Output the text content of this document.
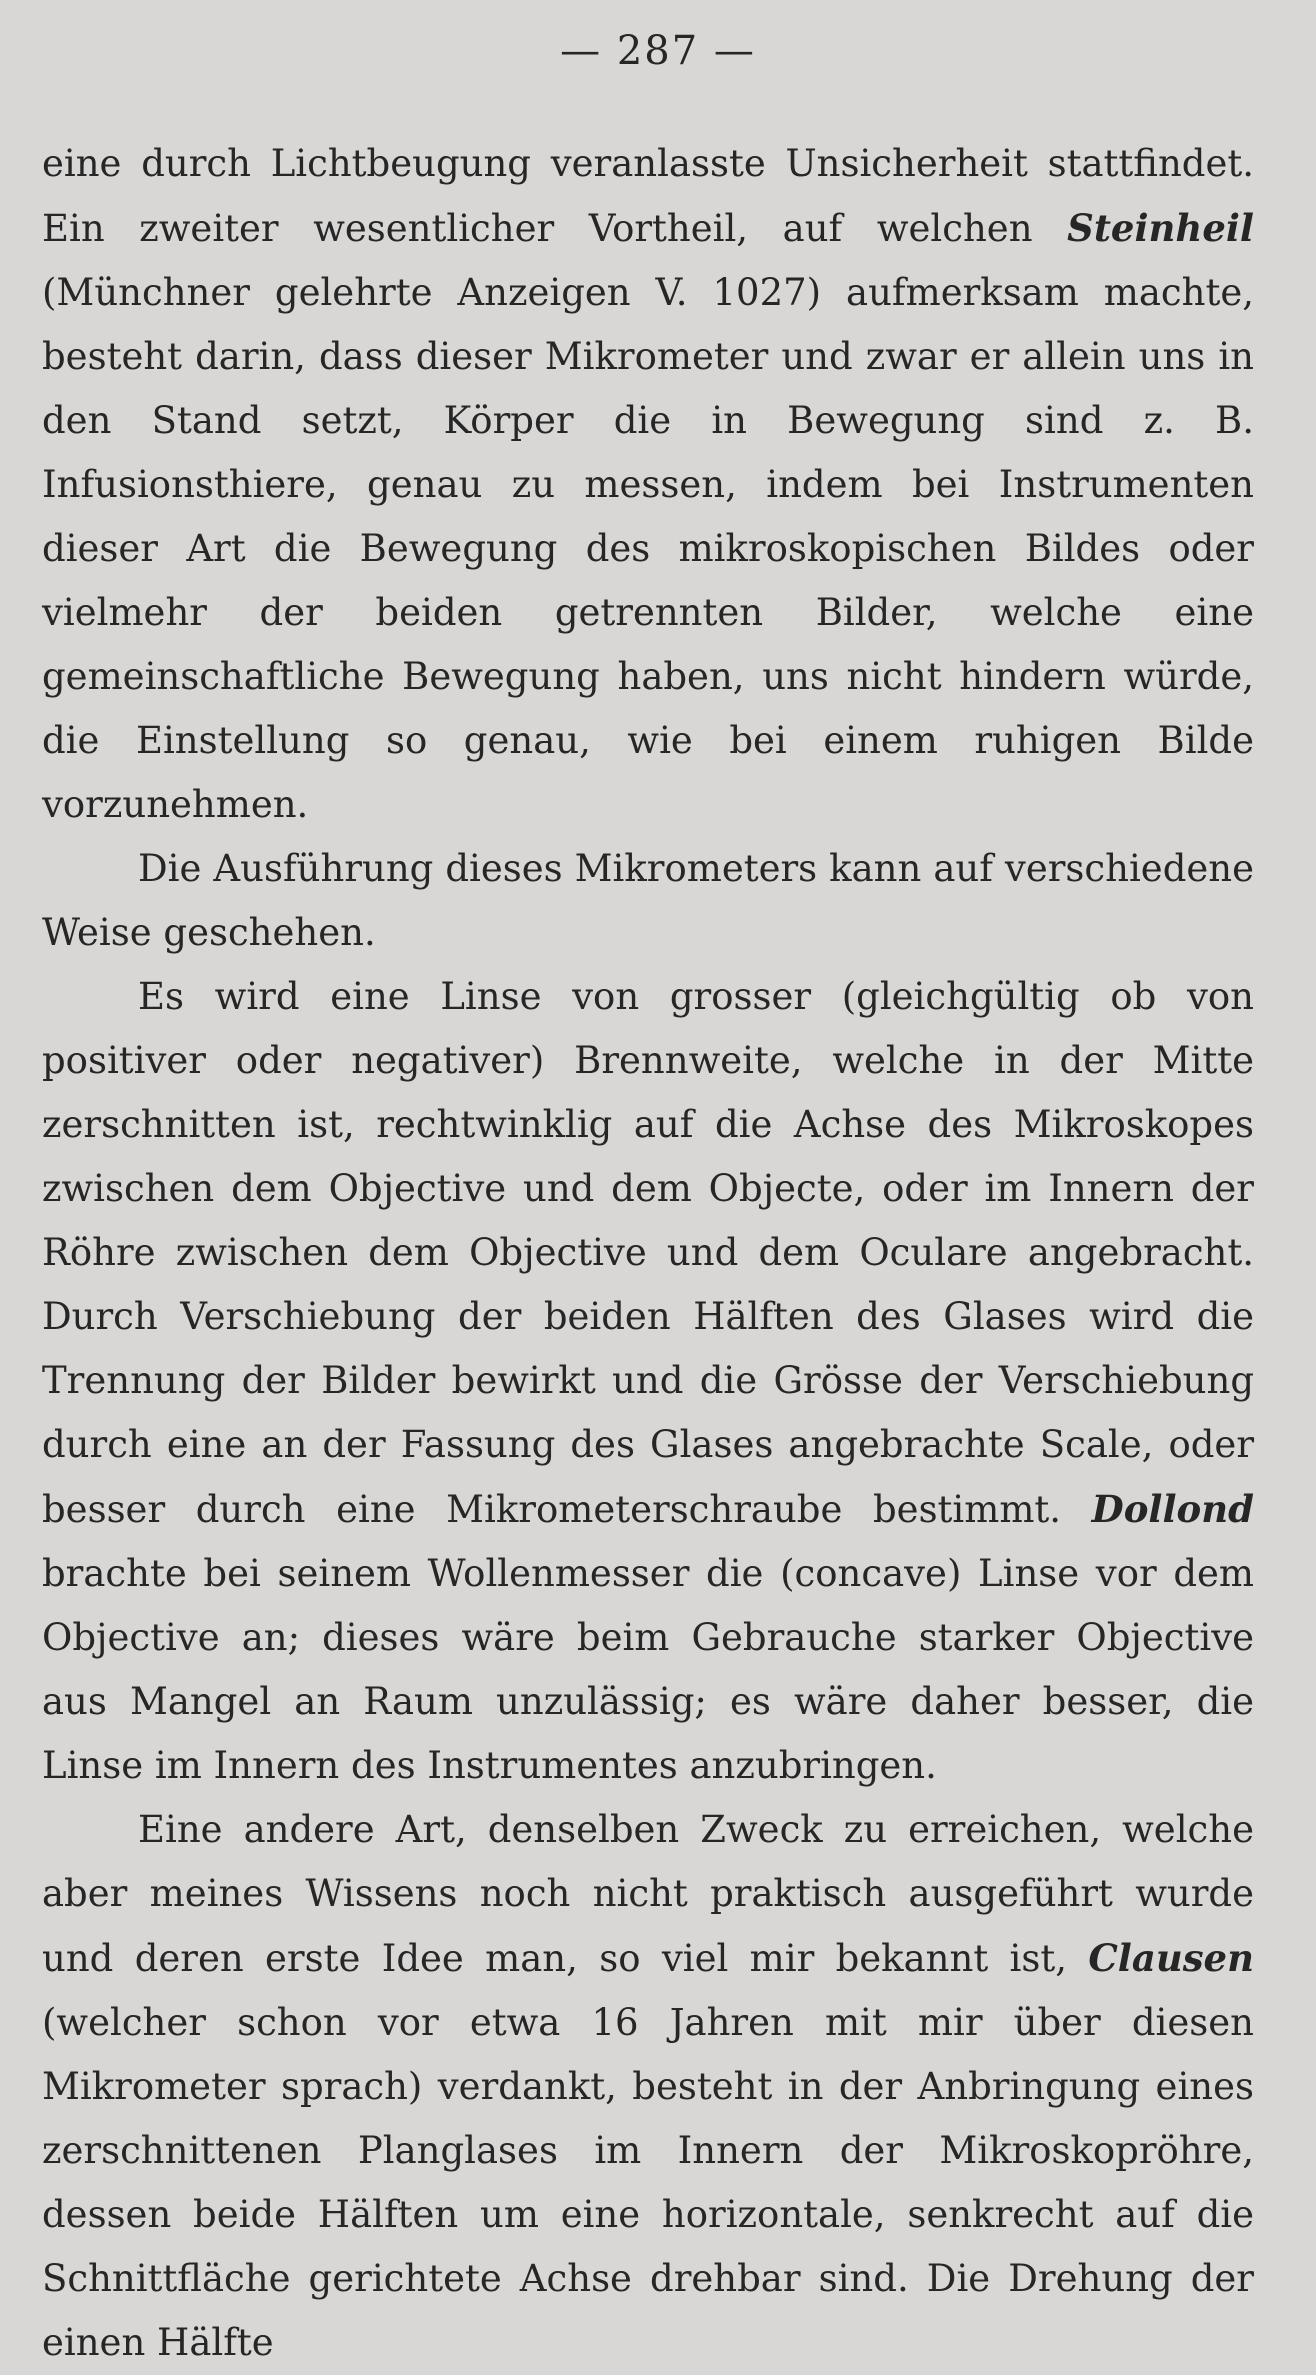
— 287 —

eine durch Lichtbeugung veranlasste Unsicherheit stattfindet. Ein zweiter wesentlicher Vortheil, auf welchen Steinheil (Münchner gelehrte Anzeigen V. 1027) aufmerksam machte, besteht darin, dass dieser Mikrometer und zwar er allein uns in den Stand setzt, Körper die in Bewegung sind z. B. Infusionsthiere, genau zu messen, indem bei Instrumenten dieser Art die Bewegung des mikroskopischen Bildes oder vielmehr der beiden getrennten Bilder, welche eine gemeinschaftliche Bewegung haben, uns nicht hindern würde, die Einstellung so genau, wie bei einem ruhigen Bilde vorzunehmen.

Die Ausführung dieses Mikrometers kann auf verschiedene Weise geschehen.

Es wird eine Linse von grosser (gleichgültig ob von positiver oder negativer) Brennweite, welche in der Mitte zerschnitten ist, rechtwinklig auf die Achse des Mikroskopes zwischen dem Objective und dem Objecte, oder im Innern der Röhre zwischen dem Objective und dem Oculare angebracht. Durch Verschiebung der beiden Hälften des Glases wird die Trennung der Bilder bewirkt und die Grösse der Verschiebung durch eine an der Fassung des Glases angebrachte Scale, oder besser durch eine Mikrometerschraube bestimmt. Dollond brachte bei seinem Wollenmesser die (concave) Linse vor dem Objective an; dieses wäre beim Gebrauche starker Objective aus Mangel an Raum unzulässig; es wäre daher besser, die Linse im Innern des Instrumentes anzubringen.

Eine andere Art, denselben Zweck zu erreichen, welche aber meines Wissens noch nicht praktisch ausgeführt wurde und deren erste Idee man, so viel mir bekannt ist, Clausen (welcher schon vor etwa 16 Jahren mit mir über diesen Mikrometer sprach) verdankt, besteht in der Anbringung eines zerschnittenen Planglases im Innern der Mikroskopröhre, dessen beide Hälften um eine horizontale, senkrecht auf die Schnittfläche gerichtete Achse drehbar sind. Die Drehung der einen Hälfte
